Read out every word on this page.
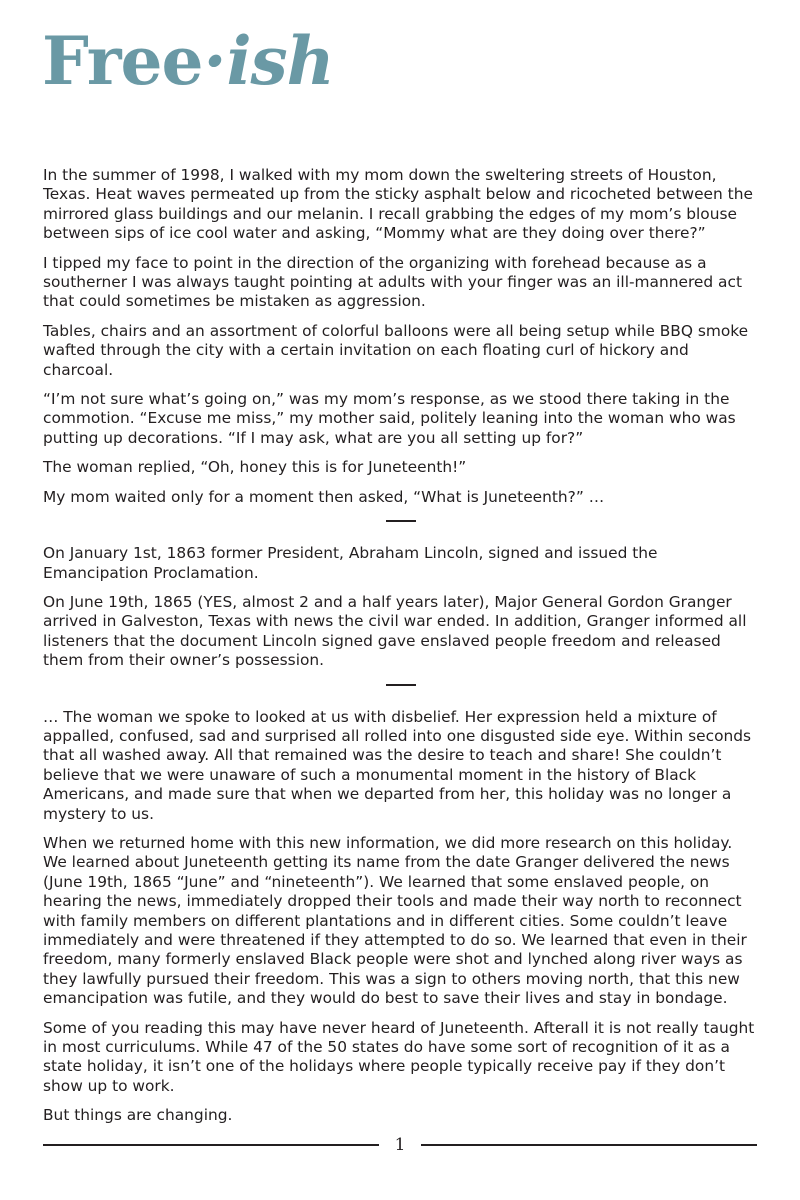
Free·ish

In the summer of 1998, I walked with my mom down the sweltering streets of Houston, Texas. Heat waves permeated up from the sticky asphalt below and ricocheted between the mirrored glass buildings and our melanin. I recall grabbing the edges of my mom’s blouse between sips of ice cool water and asking, “Mommy what are they doing over there?”

I tipped my face to point in the direction of the organizing with forehead because as a southerner I was always taught pointing at adults with your finger was an ill-mannered act that could sometimes be mistaken as aggression.

Tables, chairs and an assortment of colorful balloons were all being setup while BBQ smoke wafted through the city with a certain invitation on each floating curl of hickory and charcoal.

“I’m not sure what’s going on,” was my mom’s response, as we stood there taking in the commotion. “Excuse me miss,” my mother said, politely leaning into the woman who was putting up decorations. “If I may ask, what are you all setting up for?”

The woman replied, “Oh, honey this is for Juneteenth!”

My mom waited only for a moment then asked, “What is Juneteenth?” …

On January 1st, 1863 former President, Abraham Lincoln, signed and issued the Emancipation Proclamation.

On June 19th, 1865 (YES, almost 2 and a half years later), Major General Gordon Granger arrived in Galveston, Texas with news the civil war ended. In addition, Granger informed all listeners that the document Lincoln signed gave enslaved people freedom and released them from their owner’s possession.

… The woman we spoke to looked at us with disbelief. Her expression held a mixture of appalled, confused, sad and surprised all rolled into one disgusted side eye. Within seconds that all washed away. All that remained was the desire to teach and share! She couldn’t believe that we were unaware of such a monumental moment in the history of Black Americans, and made sure that when we departed from her, this holiday was no longer a mystery to us.

When we returned home with this new information, we did more research on this holiday. We learned about Juneteenth getting its name from the date Granger delivered the news (June 19th, 1865 “June” and “nineteenth”). We learned that some enslaved people, on hearing the news, immediately dropped their tools and made their way north to reconnect with family members on different plantations and in different cities. Some couldn’t leave immediately and were threatened if they attempted to do so. We learned that even in their freedom, many formerly enslaved Black people were shot and lynched along river ways as they lawfully pursued their freedom. This was a sign to others moving north, that this new emancipation was futile, and they would do best to save their lives and stay in bondage.

Some of you reading this may have never heard of Juneteenth. Afterall it is not really taught in most curriculums. While 47 of the 50 states do have some sort of recognition of it as a state holiday, it isn’t one of the holidays where people typically receive pay if they don’t show up to work.

But things are changing.

1
